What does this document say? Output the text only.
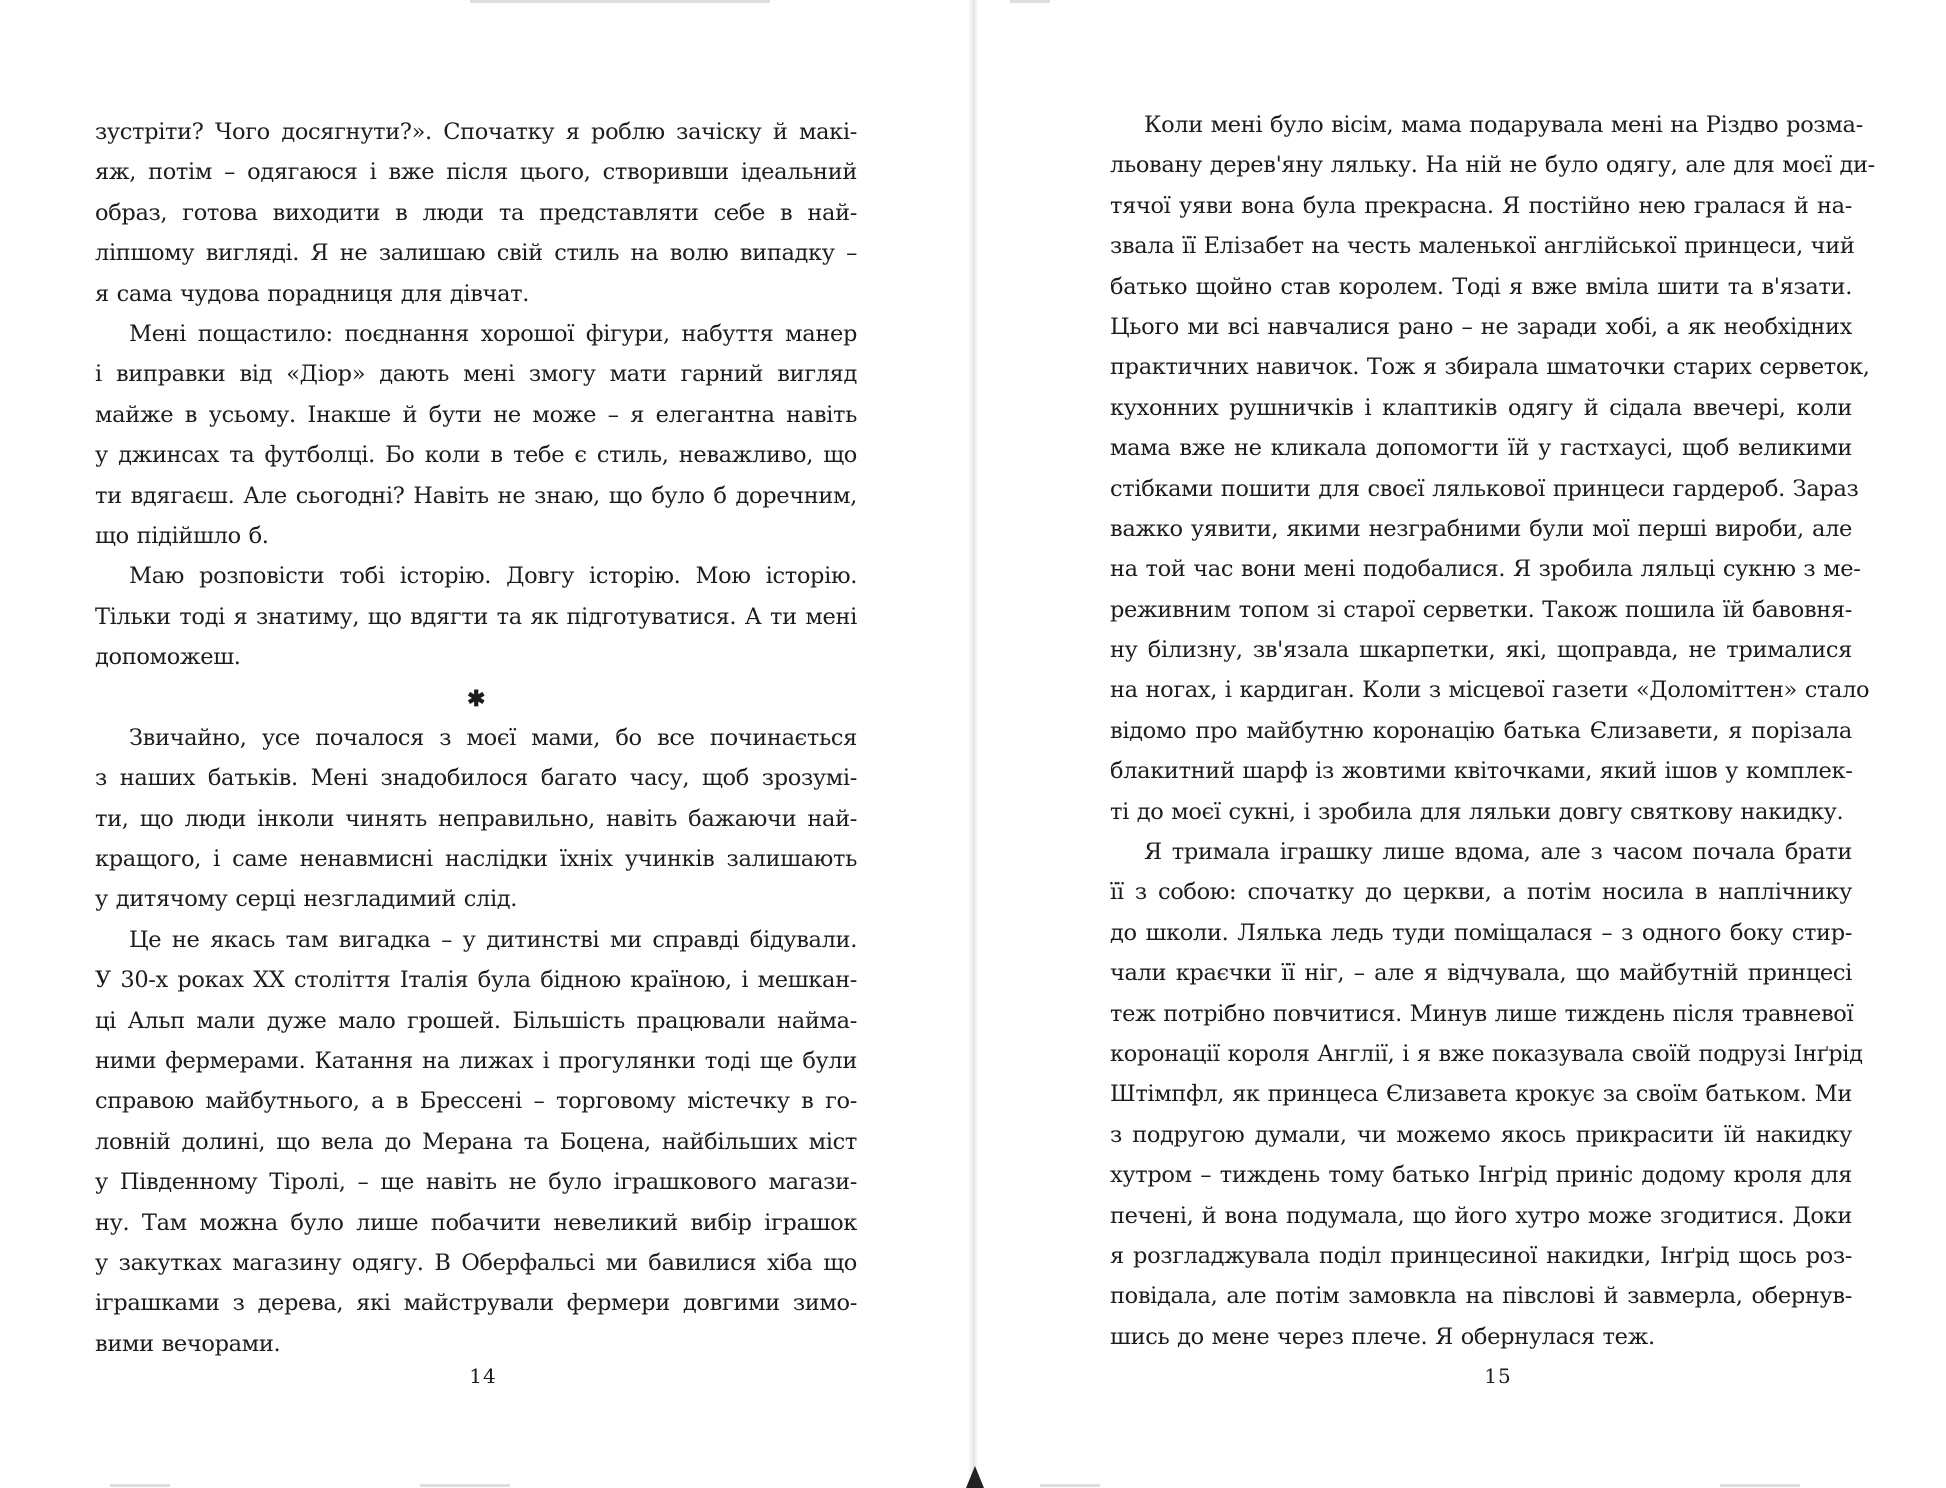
зустріти? Чого досягнути?». Спочатку я роблю зачіску й макі-
яж, потім – одягаюся і вже після цього, створивши ідеальний
образ, готова виходити в люди та представляти себе в най-
ліпшому вигляді. Я не залишаю свій стиль на волю випадку –
я сама чудова порадниця для дівчат.
Мені пощастило: поєднання хорошої фігури, набуття манер
і виправки від «Діор» дають мені змогу мати гарний вигляд
майже в усьому. Інакше й бути не може – я елегантна навіть
у джинсах та футболці. Бо коли в тебе є стиль, неважливо, що
ти вдягаєш. Але сьогодні? Навіть не знаю, що було б доречним,
що підійшло б.
Маю розповісти тобі історію. Довгу історію. Мою історію.
Тільки тоді я знатиму, що вдягти та як підготуватися. А ти мені
допоможеш.
✱
Звичайно, усе почалося з моєї мами, бо все починається
з наших батьків. Мені знадобилося багато часу, щоб зрозумі-
ти, що люди інколи чинять неправильно, навіть бажаючи най-
кращого, і саме ненавмисні наслідки їхніх учинків залишають
у дитячому серці незгладимий слід.
Це не якась там вигадка – у дитинстві ми справді бідували.
У 30-х роках XX століття Італія була бідною країною, і мешкан-
ці Альп мали дуже мало грошей. Більшість працювали найма-
ними фермерами. Катання на лижах і прогулянки тоді ще були
справою майбутнього, а в Брессені – торговому містечку в го-
ловній долині, що вела до Мерана та Боцена, найбільших міст
у Південному Тіролі, – ще навіть не було іграшкового магази-
ну. Там можна було лише побачити невеликий вибір іграшок
у закутках магазину одягу. В Оберфальсі ми бавилися хіба що
іграшками з дерева, які майстрували фермери довгими зимо-
вими вечорами.
14
Коли мені було вісім, мама подарувала мені на Різдво розма-
льовану дерев'яну ляльку. На ній не було одягу, але для моєї ди-
тячої уяви вона була прекрасна. Я постійно нею гралася й на-
звала її Елізабет на честь маленької англійської принцеси, чий
батько щойно став королем. Тоді я вже вміла шити та в'язати.
Цього ми всі навчалися рано – не заради хобі, а як необхідних
практичних навичок. Тож я збирала шматочки старих серветок,
кухонних рушничків і клаптиків одягу й сідала ввечері, коли
мама вже не кликала допомогти їй у гастхаусі, щоб великими
стібками пошити для своєї лялькової принцеси гардероб. Зараз
важко уявити, якими незграбними були мої перші вироби, але
на той час вони мені подобалися. Я зробила ляльці сукню з ме-
реживним топом зі старої серветки. Також пошила їй бавовня-
ну білизну, зв'язала шкарпетки, які, щоправда, не трималися
на ногах, і кардиган. Коли з місцевої газети «Доломіттен» стало
відомо про майбутню коронацію батька Єлизавети, я порізала
блакитний шарф із жовтими квіточками, який ішов у комплек-
ті до моєї сукні, і зробила для ляльки довгу святкову накидку.
Я тримала іграшку лише вдома, але з часом почала брати
її з собою: спочатку до церкви, а потім носила в наплічнику
до школи. Лялька ледь туди поміщалася – з одного боку стир-
чали краєчки її ніг, – але я відчувала, що майбутній принцесі
теж потрібно повчитися. Минув лише тиждень після травневої
коронації короля Англії, і я вже показувала своїй подрузі Інґрід
Штімпфл, як принцеса Єлизавета крокує за своїм батьком. Ми
з подругою думали, чи можемо якось прикрасити їй накидку
хутром – тиждень тому батько Інґрід приніс додому кроля для
печені, й вона подумала, що його хутро може згодитися. Доки
я розгладжувала поділ принцесиної накидки, Інґрід щось роз-
повідала, але потім замовкла на півслові й завмерла, обернув-
шись до мене через плече. Я обернулася теж.
15
